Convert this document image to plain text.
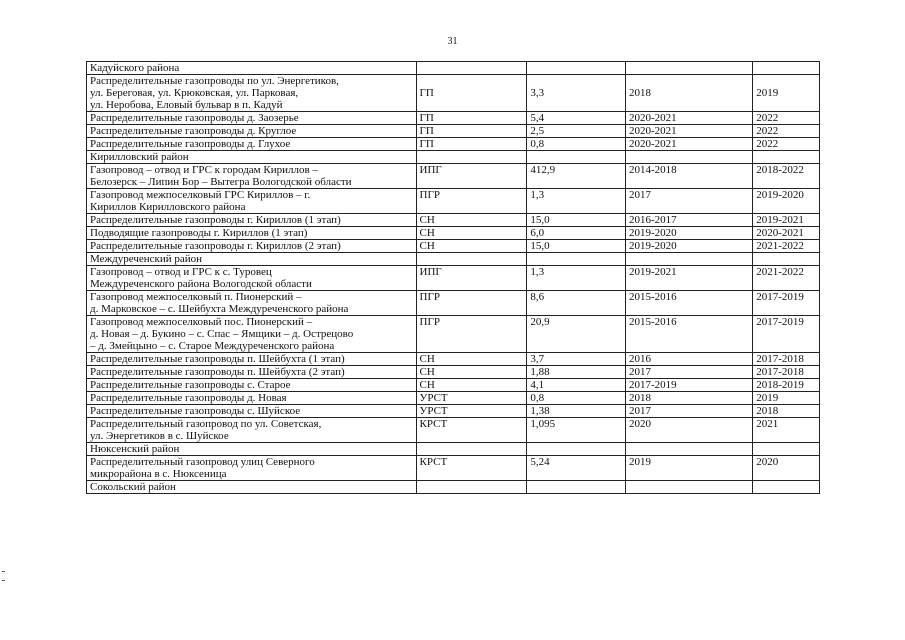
31
Кадуйского района				
Распределительные газопроводы по ул. Энергетиков,
ул. Береговая, ул. Крюковская, ул. Парковая,
ул. Неробова, Еловый бульвар в п. Кадуй	ГП	3,3	2018	2019
Распределительные газопроводы д. Заозерье	ГП	5,4	2020-2021	2022
Распределительные газопроводы д. Круглое	ГП	2,5	2020-2021	2022
Распределительные газопроводы д. Глухое	ГП	0,8	2020-2021	2022
Кирилловский район				
Газопровод – отвод и ГРС к городам Кириллов –
Белозерск – Липин Бор – Вытегра Вологодской области	ИПГ	412,9	2014-2018	2018-2022
Газопровод межпоселковый ГРС Кириллов – г.
Кириллов Кирилловского района	ПГР	1,3	2017	2019-2020
Распределительные газопроводы г. Кириллов (1 этап)	СН	15,0	2016-2017	2019-2021
Подводящие газопроводы г. Кириллов (1 этап)	СН	6,0	2019-2020	2020-2021
Распределительные газопроводы г. Кириллов (2 этап)	СН	15,0	2019-2020	2021-2022
Междуреченский район				
Газопровод – отвод и ГРС к с. Туровец
Междуреченского района Вологодской области	ИПГ	1,3	2019-2021	2021-2022
Газопровод межпоселковый п. Пионерский –
д. Марковское – с. Шейбухта Междуреченского района	ПГР	8,6	2015-2016	2017-2019
Газопровод межпоселковый пос. Пионерский –
д. Новая – д. Букино – с. Спас – Ямщики – д. Острецово
– д. Змейцыно – с. Старое Междуреченского района	ПГР	20,9	2015-2016	2017-2019
Распределительные газопроводы п. Шейбухта (1 этап)	СН	3,7	2016	2017-2018
Распределительные газопроводы п. Шейбухта (2 этап)	СН	1,88	2017	2017-2018
Распределительные газопроводы с. Старое	СН	4,1	2017-2019	2018-2019
Распределительные газопроводы д. Новая	УРСТ	0,8	2018	2019
Распределительные газопроводы с. Шуйское	УРСТ	1,38	2017	2018
Распределительный газопровод по ул. Советская,
ул. Энергетиков в с. Шуйское	КРСТ	1,095	2020	2021
Нюксенский район				
Распределительный газопровод улиц Северного
микрорайона в с. Нюксеница	КРСТ	5,24	2019	2020
Сокольский район				
